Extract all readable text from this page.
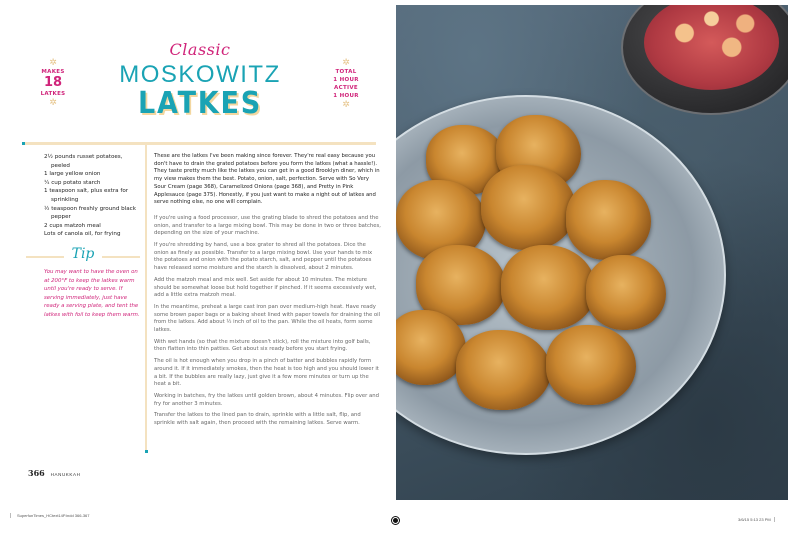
✲
MAKES
18
LATKES
✲
Classic
MOSKOWITZ
LATKES
✲
TOTAL
1 HOUR
ACTIVE
1 HOUR
✲
2½ pounds russet potatoes, peeled
1 large yellow onion
¼ cup potato starch
1 teaspoon salt, plus extra for sprinkling
½ teaspoon freshly ground black pepper
2 cups matzoh meal
Lots of canola oil, for frying
Tip
You may want to have the oven on at 200°F to keep the latkes warm until you're ready to serve. If serving immediately, just have ready a serving plate, and tent the latkes with foil to keep them warm.

These are the latkes I've been making since forever. They're real easy because you don't have to drain the grated potatoes before you form the latkes (what a hassle!). They taste pretty much like the latkes you can get in a good Brooklyn diner, which in my view makes them the best. Potato, onion, salt, perfection. Serve with So Very Sour Cream (page 368), Caramelized Onions (page 368), and Pretty in Pink Applesauce (page 375). Honestly, if you just want to make a night out of latkes and serve nothing else, no one will complain.

If you're using a food processor, use the grating blade to shred the potatoes and the onion, and transfer to a large mixing bowl. This may be done in two or three batches, depending on the size of your machine.

If you're shredding by hand, use a box grater to shred all the potatoes. Dice the onion as finely as possible. Transfer to a large mixing bowl. Use your hands to mix the potatoes and onion with the potato starch, salt, and pepper until the potatoes have released some moisture and the starch is dissolved, about 2 minutes.

Add the matzoh meal and mix well. Set aside for about 10 minutes. The mixture should be somewhat loose but hold together if pinched. If it seems excessively wet, add a little extra matzoh meal.

In the meantime, preheat a large cast iron pan over medium-high heat. Have ready some brown paper bags or a baking sheet lined with paper towels for draining the oil from the latkes. Add about ½ inch of oil to the pan. While the oil heats, form some latkes.

With wet hands (so that the mixture doesn't stick), roll the mixture into golf balls, then flatten into thin patties. Get about six ready before you start frying.

The oil is hot enough when you drop in a pinch of batter and bubbles rapidly form around it. If it immediately smokes, then the heat is too high and you should lower it a bit. If the bubbles are really lazy, just give it a few more minutes or turn up the heat a bit.

Working in batches, fry the latkes until golden brown, about 4 minutes. Flip over and fry for another 3 minutes.

Transfer the latkes to the lined pan to drain, sprinkle with a little salt, flip, and sprinkle with salt again, then proceed with the remaining latkes. Serve warm.

366 HANUKKAH
SuperfunTimes_HCtext14P.indd 366-367
3/6/15 5:13 23 PM
